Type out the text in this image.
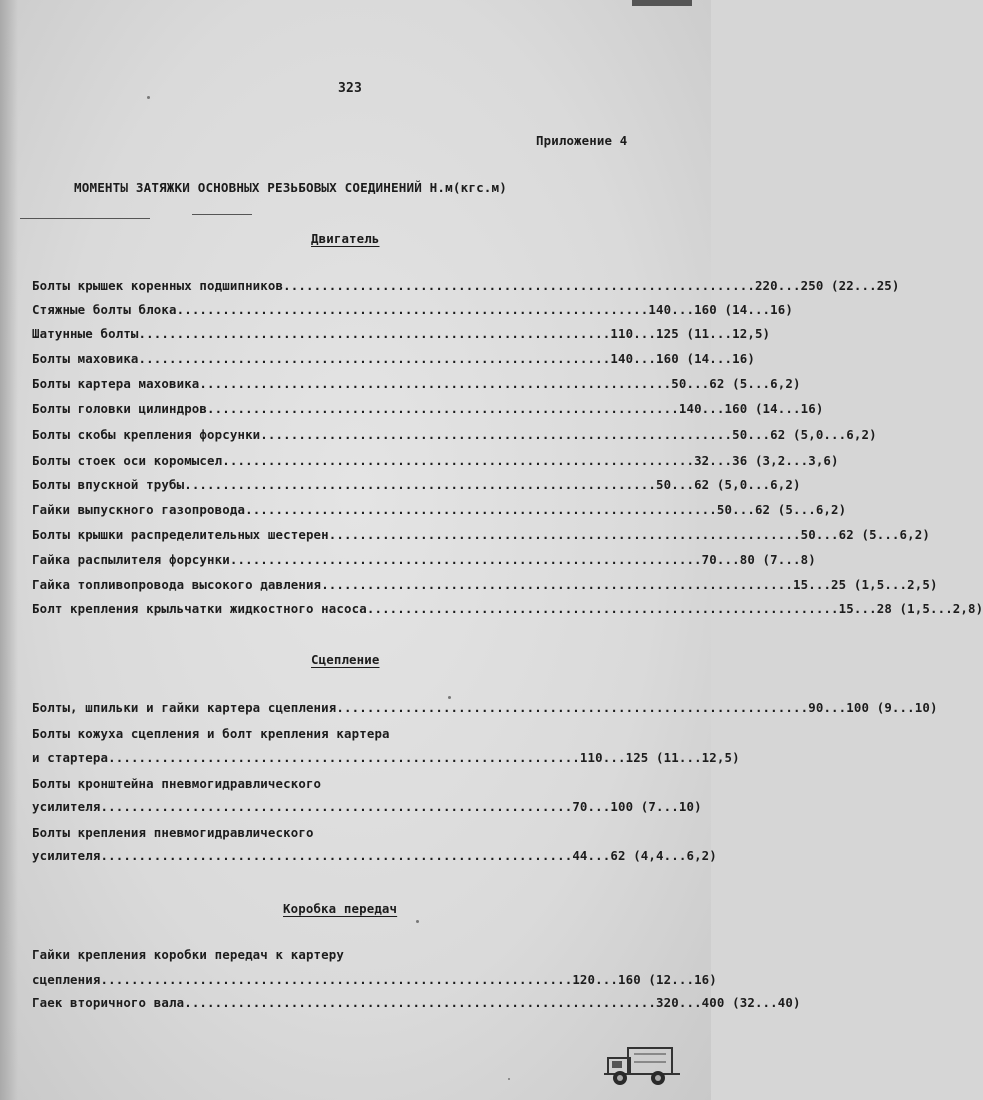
323
Приложение 4
МОМЕНТЫ ЗАТЯЖКИ ОСНОВНЫХ РЕЗЬБОВЫХ СОЕДИНЕНИЙ Н.м(кгс.м)
Двигатель
Болты крышек коренных подшипников .............................................................. 220...250 (22...25)
Стяжные болты блока .............................................................. 140...160 (14...16)
Шатунные болты .............................................................. 110...125 (11...12,5)
Болты маховика .............................................................. 140...160 (14...16)
Болты картера маховика .............................................................. 50...62 (5...6,2)
Болты головки цилиндров .............................................................. 140...160 (14...16)
Болты скобы крепления форсунки .............................................................. 50...62 (5,0...6,2)
Болты стоек оси коромысел .............................................................. 32...36 (3,2...3,6)
Болты впускной трубы .............................................................. 50...62 (5,0...6,2)
Гайки выпускного газопровода .............................................................. 50...62 (5...6,2)
Болты крышки распределительных шестерен .............................................................. 50...62 (5...6,2)
Гайка распылителя форсунки .............................................................. 70...80 (7...8)
Гайка топливопровода высокого давления .............................................................. 15...25 (1,5...2,5)
Болт крепления крыльчатки жидкостного насоса .............................................................. 15...28 (1,5...2,8)
Сцепление
Болты, шпильки и гайки картера сцепления .............................................................. 90...100 (9...10)
Болты кожуха сцепления и болт крепления картера
и стартера .............................................................. 110...125 (11...12,5)
Болты кронштейна пневмогидравлического
усилителя .............................................................. 70...100 (7...10)
Болты крепления пневмогидравлического
усилителя .............................................................. 44...62 (4,4...6,2)
Коробка передач
Гайки крепления коробки передач к картеру
сцепления .............................................................. 120...160 (12...16)
Гаек вторичного вала .............................................................. 320...400 (32...40)
